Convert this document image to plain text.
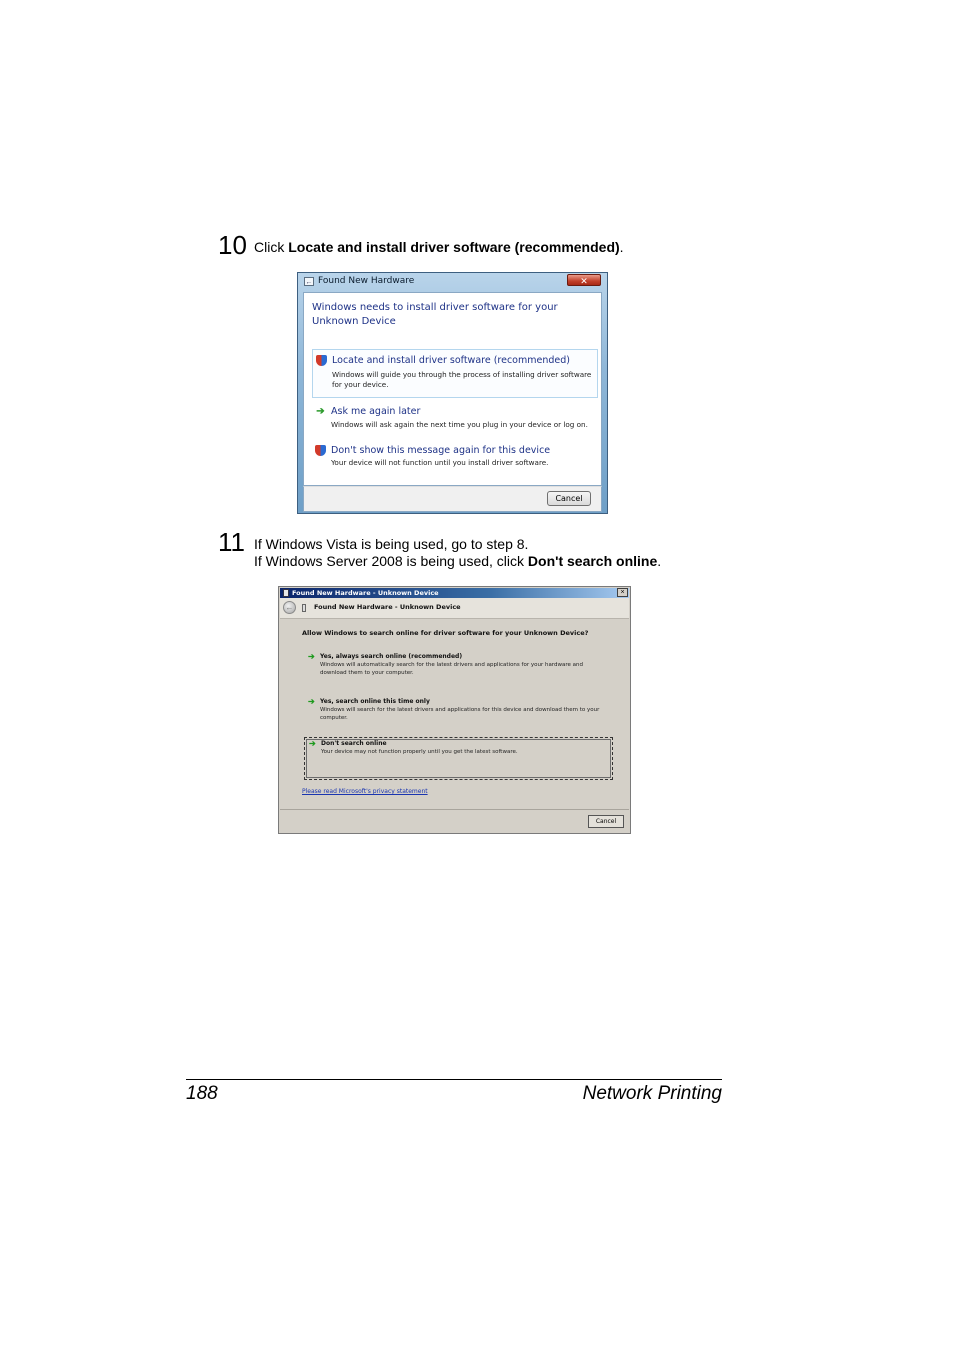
10 Click Locate and install driver software (recommended).
← Found New Hardware	✕
Windows needs to install driver software for your Unknown Device
Locate and install driver software (recommended)
Windows will guide you through the process of installing driver software for your device.
➔ Ask me again later
Windows will ask again the next time you plug in your device or log on.
Don't show this message again for this device
Your device will not function until you install driver software.
Cancel
11 If Windows Vista is being used, go to step 8.
If Windows Server 2008 is being used, click Don't search online.
Found New Hardware - Unknown Device	×
←	Found New Hardware - Unknown Device
Allow Windows to search online for driver software for your Unknown Device?
➔ Yes, always search online (recommended)
Windows will automatically search for the latest drivers and applications for your hardware and download them to your computer.
➔ Yes, search online this time only
Windows will search for the latest drivers and applications for this device and download them to your computer.
➔ Don't search online
Your device may not function properly until you get the latest software.
Please read Microsoft's privacy statement
Cancel
188	Network Printing
